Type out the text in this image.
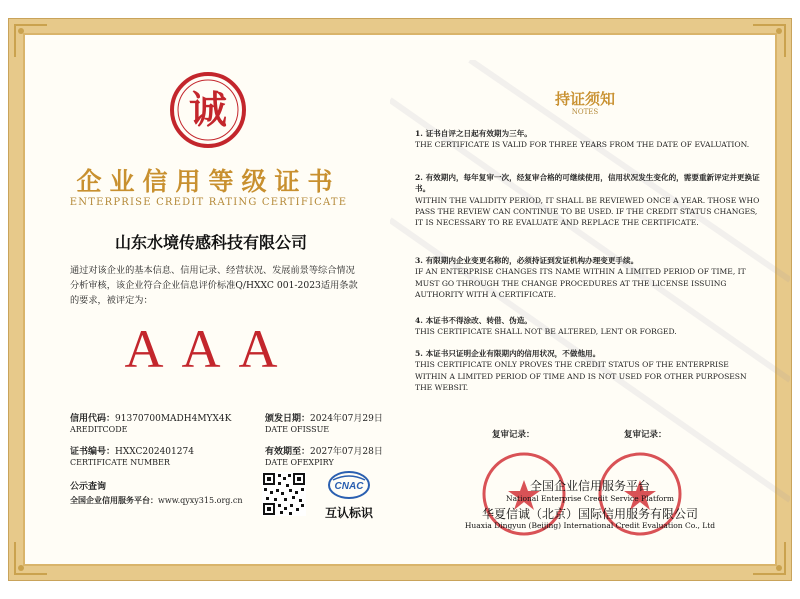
诚
企业信用等级证书
ENTERPRISE CREDIT RATING CERTIFICATE
山东水境传感科技有限公司
通过对该企业的基本信息、信用记录、经营状况、发展前景等综合情况分析审核，该企业符合企业信息评价标准Q/HXXC 001-2023适用条款的要求，被评定为：
AAA
信用代码：91370700MADH4MYX4K
AREDITCODE
颁发日期：2024年07月29日
DATE OFISSUE
证书编号：HXXC202401274
CERTIFICATE NUMBER
有效期至：2027年07月28日
DATE OFEXPIRY
公示查询
全国企业信用服务平台：www.qyxy315.org.cn
CNAC
互认标识
持证须知
NOTES
1. 证书自评之日起有效期为三年。
THE CERTIFICATE IS VALID FOR THREE YEARS FROM THE DATE OF EVALUATION.
2. 有效期内，每年复审一次，经复审合格的可继续使用，信用状况发生变化的，需要重新评定并更换证书。
WITHIN THE VALIDITY PERIOD, IT SHALL BE REVIEWED ONCE A YEAR. THOSE WHO PASS THE REVIEW CAN CONTINUE TO BE USED. IF THE CREDIT STATUS CHANGES, IT IS NECESSARY TO RE EVALUATE AND REPLACE THE CERTIFICATE.
3. 有限期内企业变更名称的，必须持证到发证机构办理变更手续。
IF AN ENTERPRISE CHANGES ITS NAME WITHIN A LIMITED PERIOD OF TIME, IT MUST GO THROUGH THE CHANGE PROCEDURES AT THE LICENSE ISSUING AUTHORITY WITH A CERTIFICATE.
4. 本证书不得涂改、转借、伪造。
THIS CERTIFICATE SHALL NOT BE ALTERED, LENT OR FORGED.
5. 本证书只证明企业有限期内的信用状况，不做他用。
THIS CERTIFICATE ONLY PROVES THE CREDIT STATUS OF THE ENTERPRISE WITHIN A LIMITED PERIOD OF TIME AND IS NOT USED FOR OTHER PURPOSESN THE WEBSIT.
复审记录：	复审记录：
全国企业信用服务平台
National Enterprise Credit Service Platform
华夏信诚（北京）国际信用服务有限公司
Huaxia Dingyun (Beijing) International Credit Evaluation Co., Ltd
